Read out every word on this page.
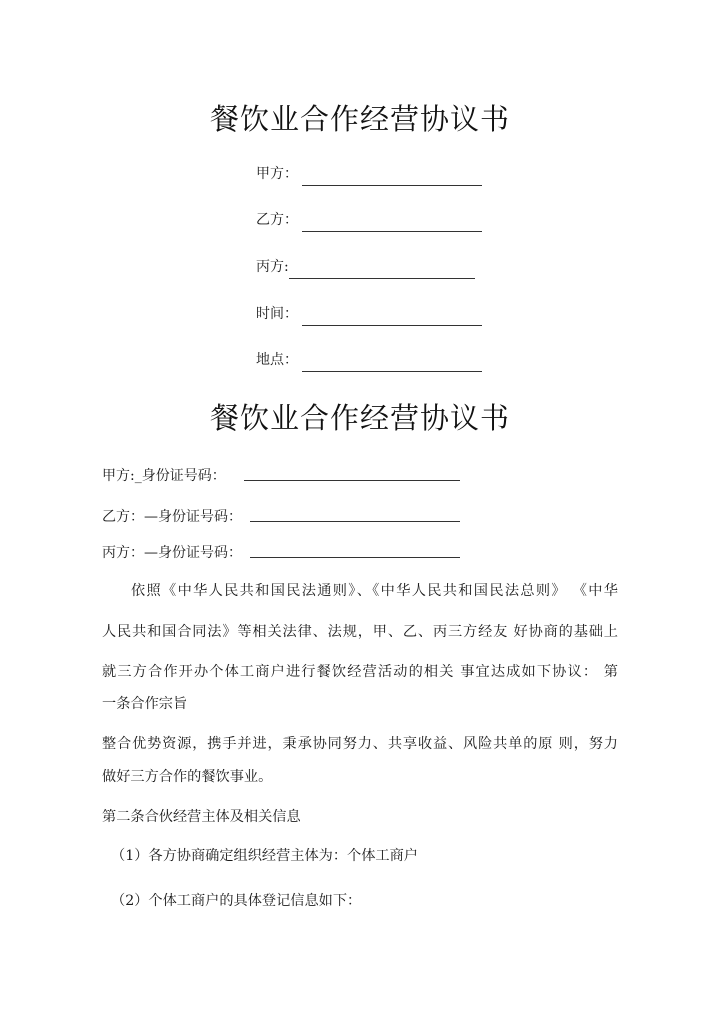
餐饮业合作经营协议书
甲方：
乙方：
丙方:
时间：
地点：
餐饮业合作经营协议书
甲方:_身份证号码：
乙方：—身份证号码：
丙方：—身份证号码：
依照《中华人民共和国民法通则》、《中华人民共和国民法总则》 《中华
人民共和国合同法》等相关法律、法规，甲、乙、丙三方经友 好协商的基础上
就三方合作开办个体工商户进行餐饮经营活动的相关 事宜达成如下协议： 第
一条合作宗旨
整合优势资源，携手并进，秉承协同努力、共享收益、风险共单的原 则，努力
做好三方合作的餐饮事业。
第二条合伙经营主体及相关信息
（1）各方协商确定组织经营主体为：个体工商户
（2）个体工商户的具体登记信息如下：
